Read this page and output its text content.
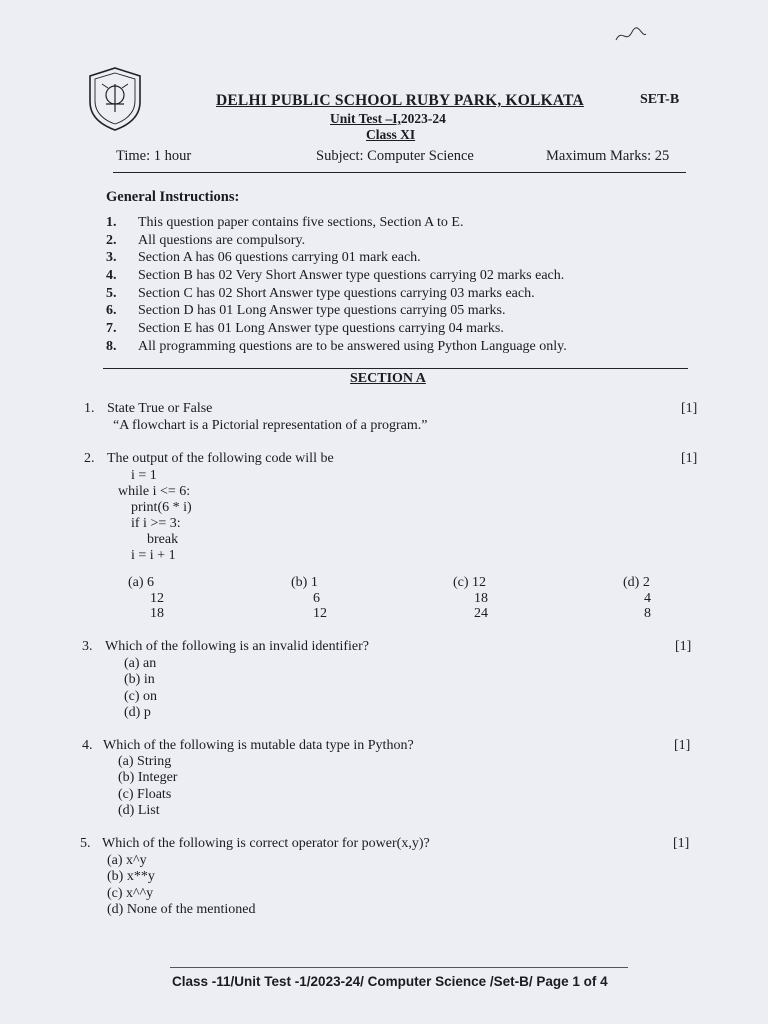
DELHI PUBLIC SCHOOL RUBY PARK, KOLKATA	SET-B
Unit Test –I,2023-24
Class XI
Time: 1 hour	Subject: Computer Science	Maximum Marks: 25
General Instructions:
1. This question paper contains five sections, Section A to E.
2. All questions are compulsory.
3. Section A has 06 questions carrying 01 mark each.
4. Section B has 02 Very Short Answer type questions carrying 02 marks each.
5. Section C has 02 Short Answer type questions carrying 03 marks each.
6. Section D has 01 Long Answer type questions carrying 05 marks.
7. Section E has 01 Long Answer type questions carrying 04 marks.
8. All programming questions are to be answered using Python Language only.
SECTION A
1. State True or False	[1]
“A flowchart is a Pictorial representation of a program.”
2. The output of the following code will be	[1]
i = 1
while i <= 6:
print(6 * i)
if i >= 3:
break
i = i + 1
(a) 6
12
18
(b) 1
6
12
(c) 12
18
24
(d) 2
4
8
3. Which of the following is an invalid identifier?	[1]
(a) an
(b) in
(c) on
(d) p
4. Which of the following is mutable data type in Python?	[1]
(a) String
(b) Integer
(c) Floats
(d) List
5. Which of the following is correct operator for power(x,y)?	[1]
(a) x^y
(b) x**y
(c) x^^y
(d) None of the mentioned
Class -11/Unit Test -1/2023-24/ Computer Science /Set-B/ Page 1 of 4
